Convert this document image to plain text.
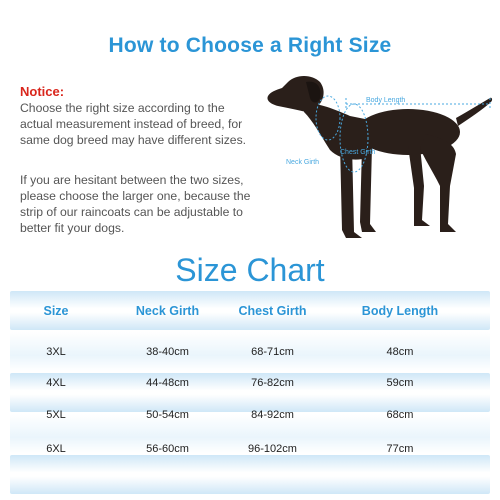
How to Choose a Right Size
Notice:
Choose the right size according to the actual measurement instead of breed, for same dog breed may have different sizes.
If you are hesitant between the two sizes, please choose the larger one, because the strip of our raincoats can be adjustable to better fit your dogs.
Body Length
Neck Girth
Chest Girth
Size Chart
Size	Neck Girth	Chest Girth	Body Length
3XL	38-40cm	68-71cm	48cm
4XL	44-48cm	76-82cm	59cm
5XL	50-54cm	84-92cm	68cm
6XL	56-60cm	96-102cm	77cm
